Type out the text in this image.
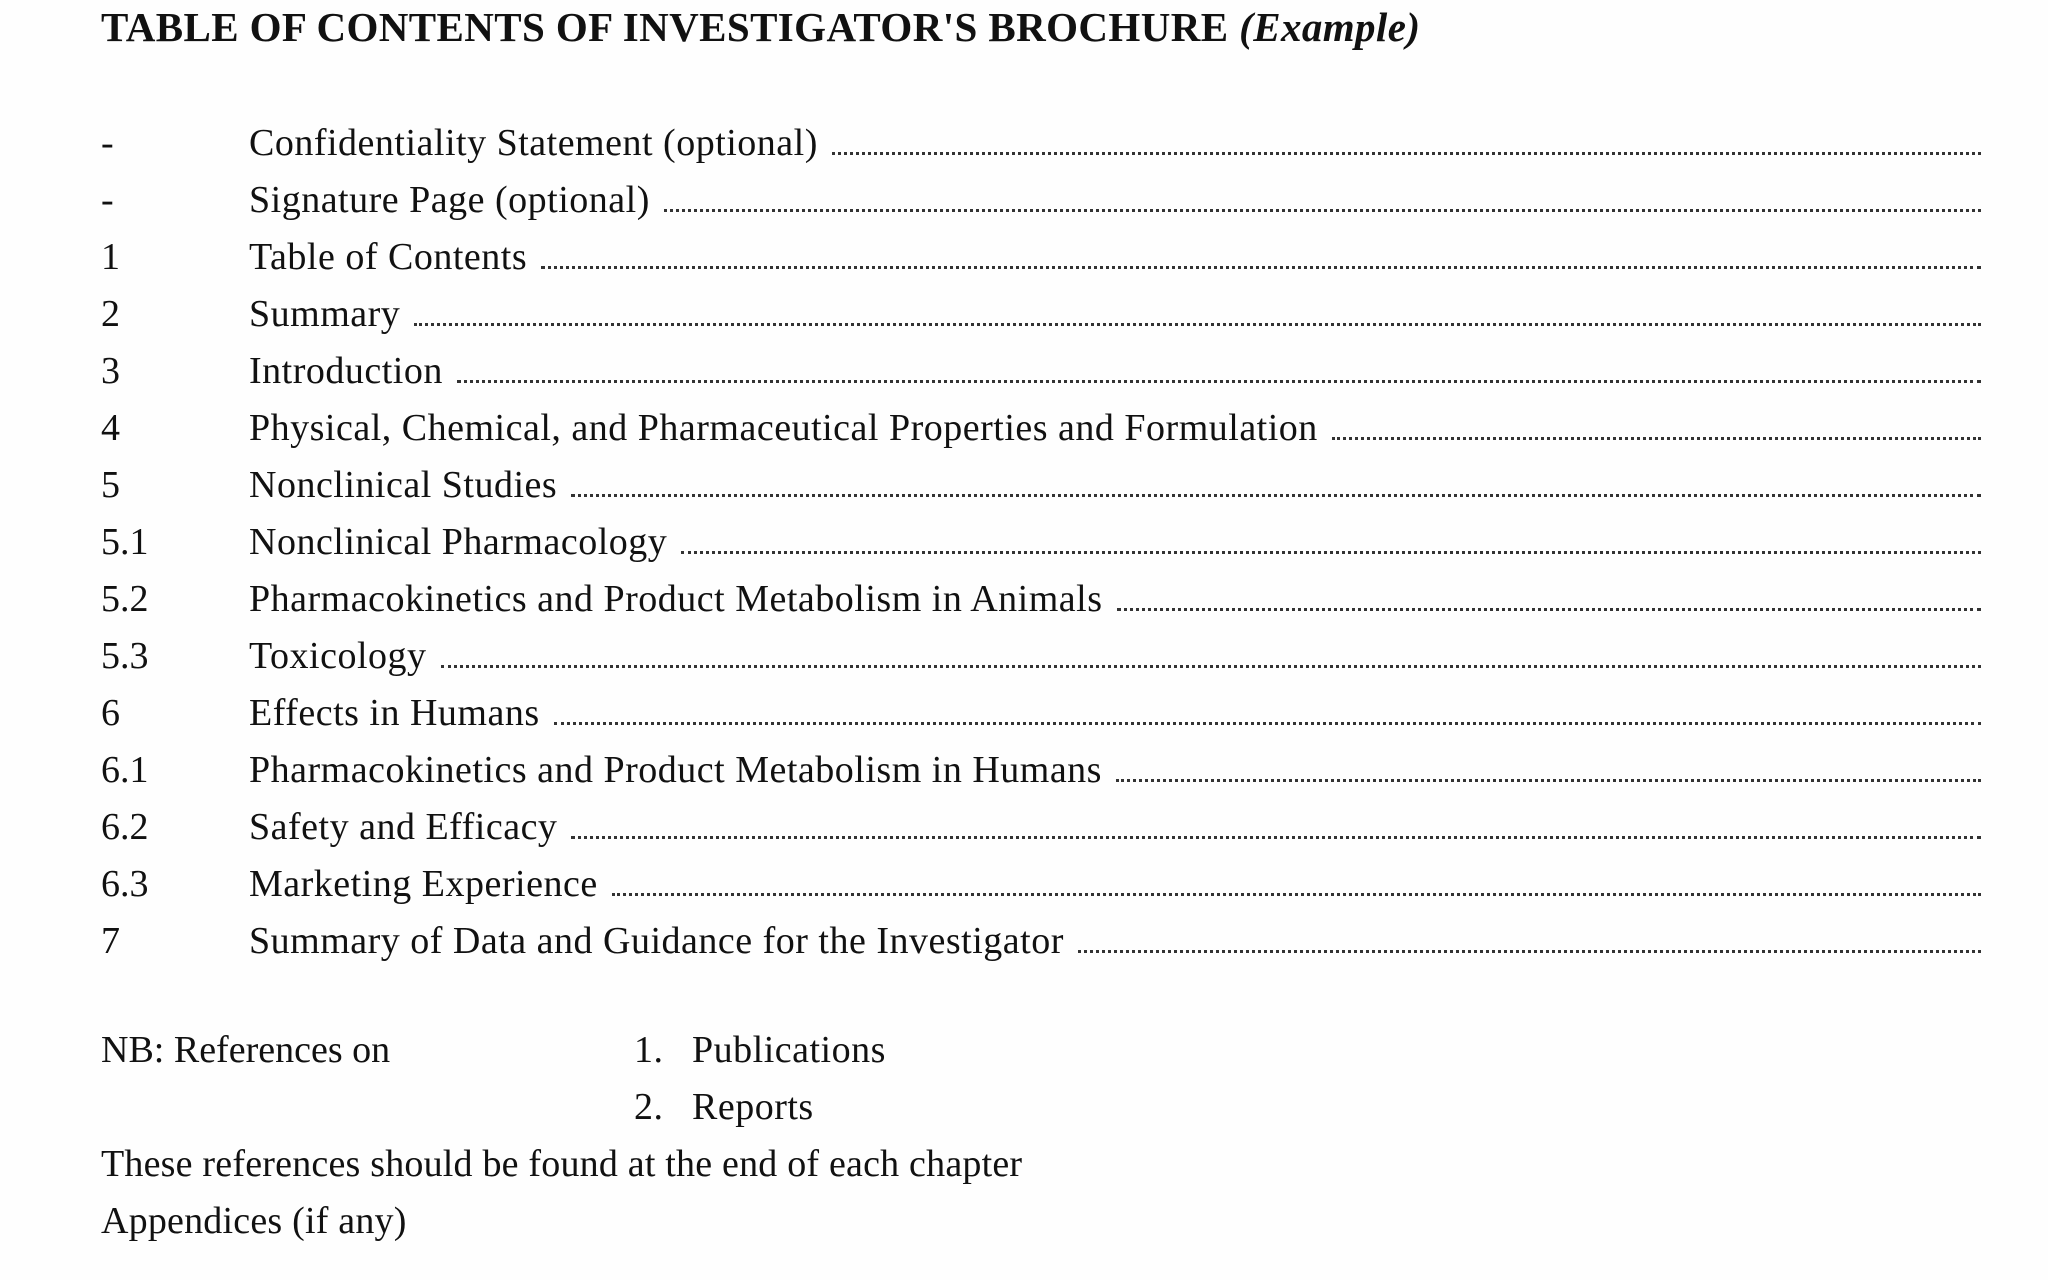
TABLE OF CONTENTS OF INVESTIGATOR'S BROCHURE (Example)
-	Confidentiality Statement (optional)
-	Signature Page (optional)
1	Table of Contents
2	Summary
3	Introduction
4	Physical, Chemical, and Pharmaceutical Properties and Formulation
5	Nonclinical Studies
5.1	Nonclinical Pharmacology
5.2	Pharmacokinetics and Product Metabolism in Animals
5.3	Toxicology
6	Effects in Humans
6.1	Pharmacokinetics and Product Metabolism in Humans
6.2	Safety and Efficacy
6.3	Marketing Experience
7	Summary of Data and Guidance for the Investigator
NB: References on	1. Publications
2. Reports
These references should be found at the end of each chapter
Appendices (if any)
